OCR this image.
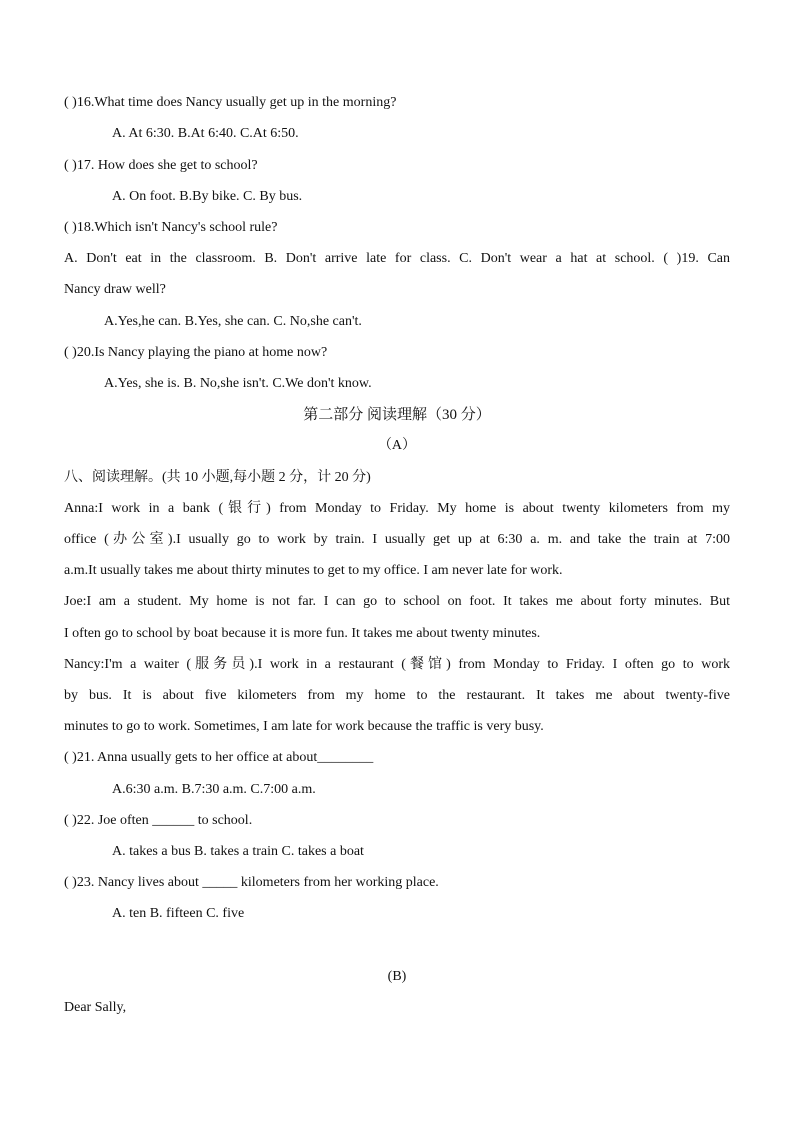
( )16.What time does Nancy usually get up in the morning?
A. At 6:30. B.At 6:40. C.At 6:50.
( )17. How does she get to school?
A. On foot. B.By bike. C. By bus.
( )18.Which isn't Nancy's school rule?
A. Don't eat in the classroom. B. Don't arrive late for class. C. Don't wear a hat at school. ( )19. Can
Nancy draw well?
A.Yes,he can. B.Yes, she can. C. No,she can't.
( )20.Is Nancy playing the piano at home now?
A.Yes, she is. B. No,she isn't. C.We don't know.
第二部分 阅读理解（30 分）
（A）
八、阅读理解。(共 10 小题,每小题 2 分，计 20 分)
Anna:I work in a bank (银行) from Monday to Friday. My home is about twenty kilometers from my
office (办公室).I usually go to work by train. I usually get up at 6:30 a. m. and take the train at 7:00
a.m.It usually takes me about thirty minutes to get to my office. I am never late for work.
Joe:I am a student. My home is not far. I can go to school on foot. It takes me about forty minutes. But
I often go to school by boat because it is more fun. It takes me about twenty minutes.
Nancy:I'm a waiter (服务员).I work in a restaurant (餐馆) from Monday to Friday. I often go to work
by bus. It is about five kilometers from my home to the restaurant. It takes me about twenty-five
minutes to go to work. Sometimes, I am late for work because the traffic is very busy.
( )21. Anna usually gets to her office at about________
A.6:30 a.m. B.7:30 a.m. C.7:00 a.m.
( )22. Joe often ______ to school.
A. takes a bus B. takes a train C. takes a boat
( )23. Nancy lives about _____ kilometers from her working place.
A. ten B. fifteen C. five
(B)
Dear Sally,
